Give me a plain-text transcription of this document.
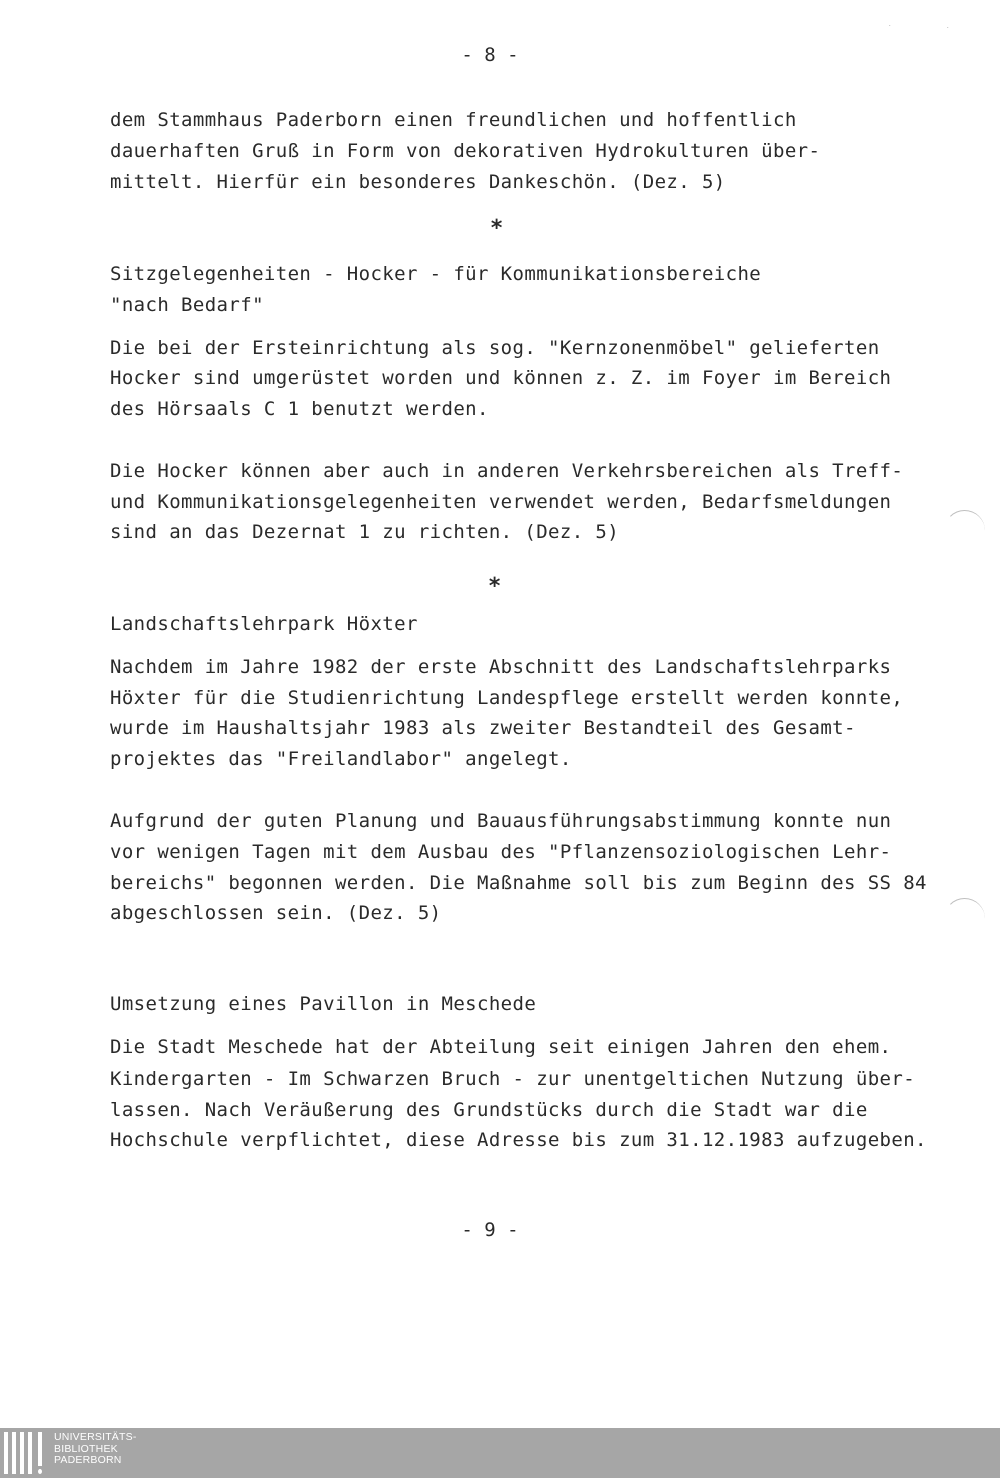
- 8 -
dem Stammhaus Paderborn einen freundlichen und hoffentlich
dauerhaften Gruß in Form von dekorativen Hydrokulturen über-
mittelt. Hierfür ein besonderes Dankeschön. (Dez. 5)
*
Sitzgelegenheiten - Hocker - für Kommunikationsbereiche
"nach Bedarf"
Die bei der Ersteinrichtung als sog. "Kernzonenmöbel" gelieferten
Hocker sind umgerüstet worden und können z. Z. im Foyer im Bereich
des Hörsaals C 1 benutzt werden.
Die Hocker können aber auch in anderen Verkehrsbereichen als Treff-
und Kommunikationsgelegenheiten verwendet werden, Bedarfsmeldungen
sind an das Dezernat 1 zu richten. (Dez. 5)
*
Landschaftslehrpark Höxter
Nachdem im Jahre 1982 der erste Abschnitt des Landschaftslehrparks
Höxter für die Studienrichtung Landespflege erstellt werden konnte,
wurde im Haushaltsjahr 1983 als zweiter Bestandteil des Gesamt-
projektes das "Freilandlabor" angelegt.
Aufgrund der guten Planung und Bauausführungsabstimmung konnte nun
vor wenigen Tagen mit dem Ausbau des "Pflanzensoziologischen Lehr-
bereichs" begonnen werden. Die Maßnahme soll bis zum Beginn des SS 84
abgeschlossen sein. (Dez. 5)
Umsetzung eines Pavillon in Meschede
Die Stadt Meschede hat der Abteilung seit einigen Jahren den ehem.
Kindergarten - Im Schwarzen Bruch - zur unentgeltichen Nutzung über-
lassen. Nach Veräußerung des Grundstücks durch die Stadt war die
Hochschule verpflichtet, diese Adresse bis zum 31.12.1983 aufzugeben.
- 9 -
․	․
UNIVERSITÄTS-
BIBLIOTHEK
PADERBORN
